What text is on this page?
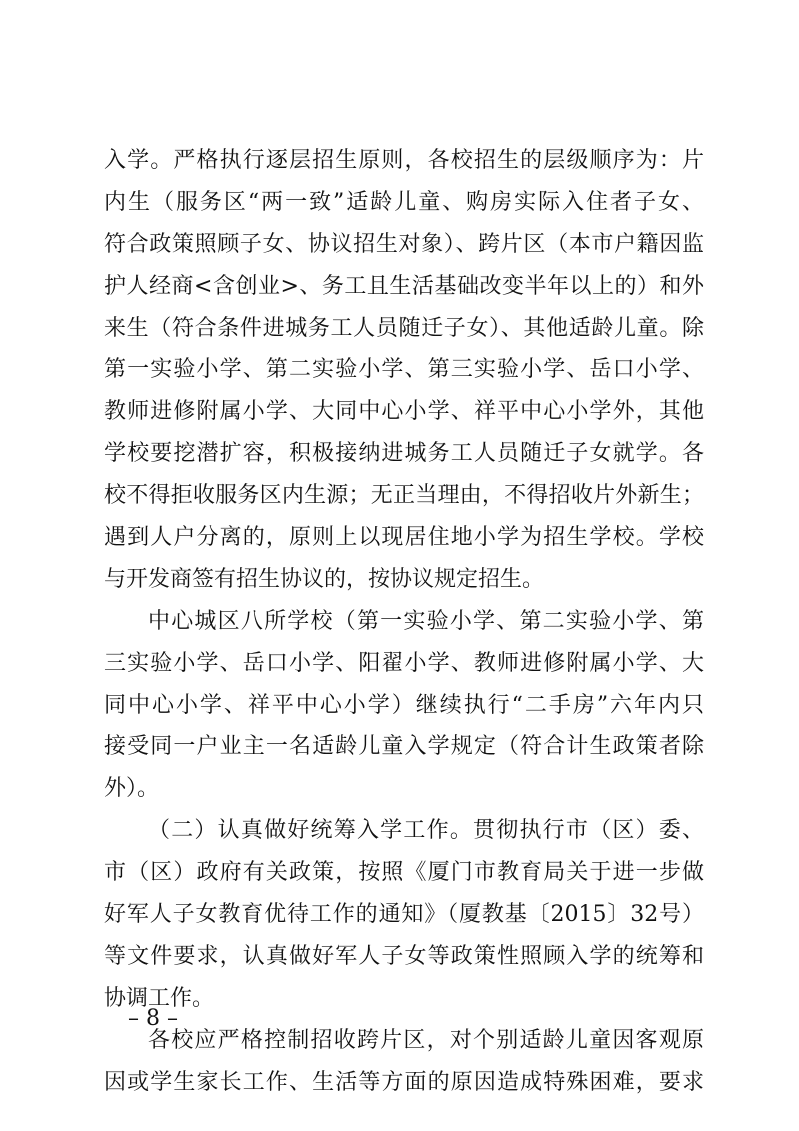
入学。严格执行逐层招生原则，各校招生的层级顺序为：片
内生（服务区“两一致”适龄儿童、购房实际入住者子女、
符合政策照顾子女、协议招生对象）、跨片区（本市户籍因监
护人经商<含创业>、务工且生活基础改变半年以上的）和外
来生（符合条件进城务工人员随迁子女）、其他适龄儿童。除
第一实验小学、第二实验小学、第三实验小学、岳口小学、
教师进修附属小学、大同中心小学、祥平中心小学外，其他
学校要挖潜扩容，积极接纳进城务工人员随迁子女就学。各
校不得拒收服务区内生源；无正当理由，不得招收片外新生；
遇到人户分离的，原则上以现居住地小学为招生学校。学校
与开发商签有招生协议的，按协议规定招生。
中心城区八所学校（第一实验小学、第二实验小学、第
三实验小学、岳口小学、阳翟小学、教师进修附属小学、大
同中心小学、祥平中心小学）继续执行“二手房”六年内只
接受同一户业主一名适龄儿童入学规定（符合计生政策者除
外）。
（二）认真做好统筹入学工作。贯彻执行市（区）委、
市（区）政府有关政策，按照《厦门市教育局关于进一步做
好军人子女教育优待工作的通知》（厦教基〔2015〕32号）
等文件要求，认真做好军人子女等政策性照顾入学的统筹和
协调工作。
各校应严格控制招收跨片区，对个别适龄儿童因客观原
因或学生家长工作、生活等方面的原因造成特殊困难，要求
– 8 –
